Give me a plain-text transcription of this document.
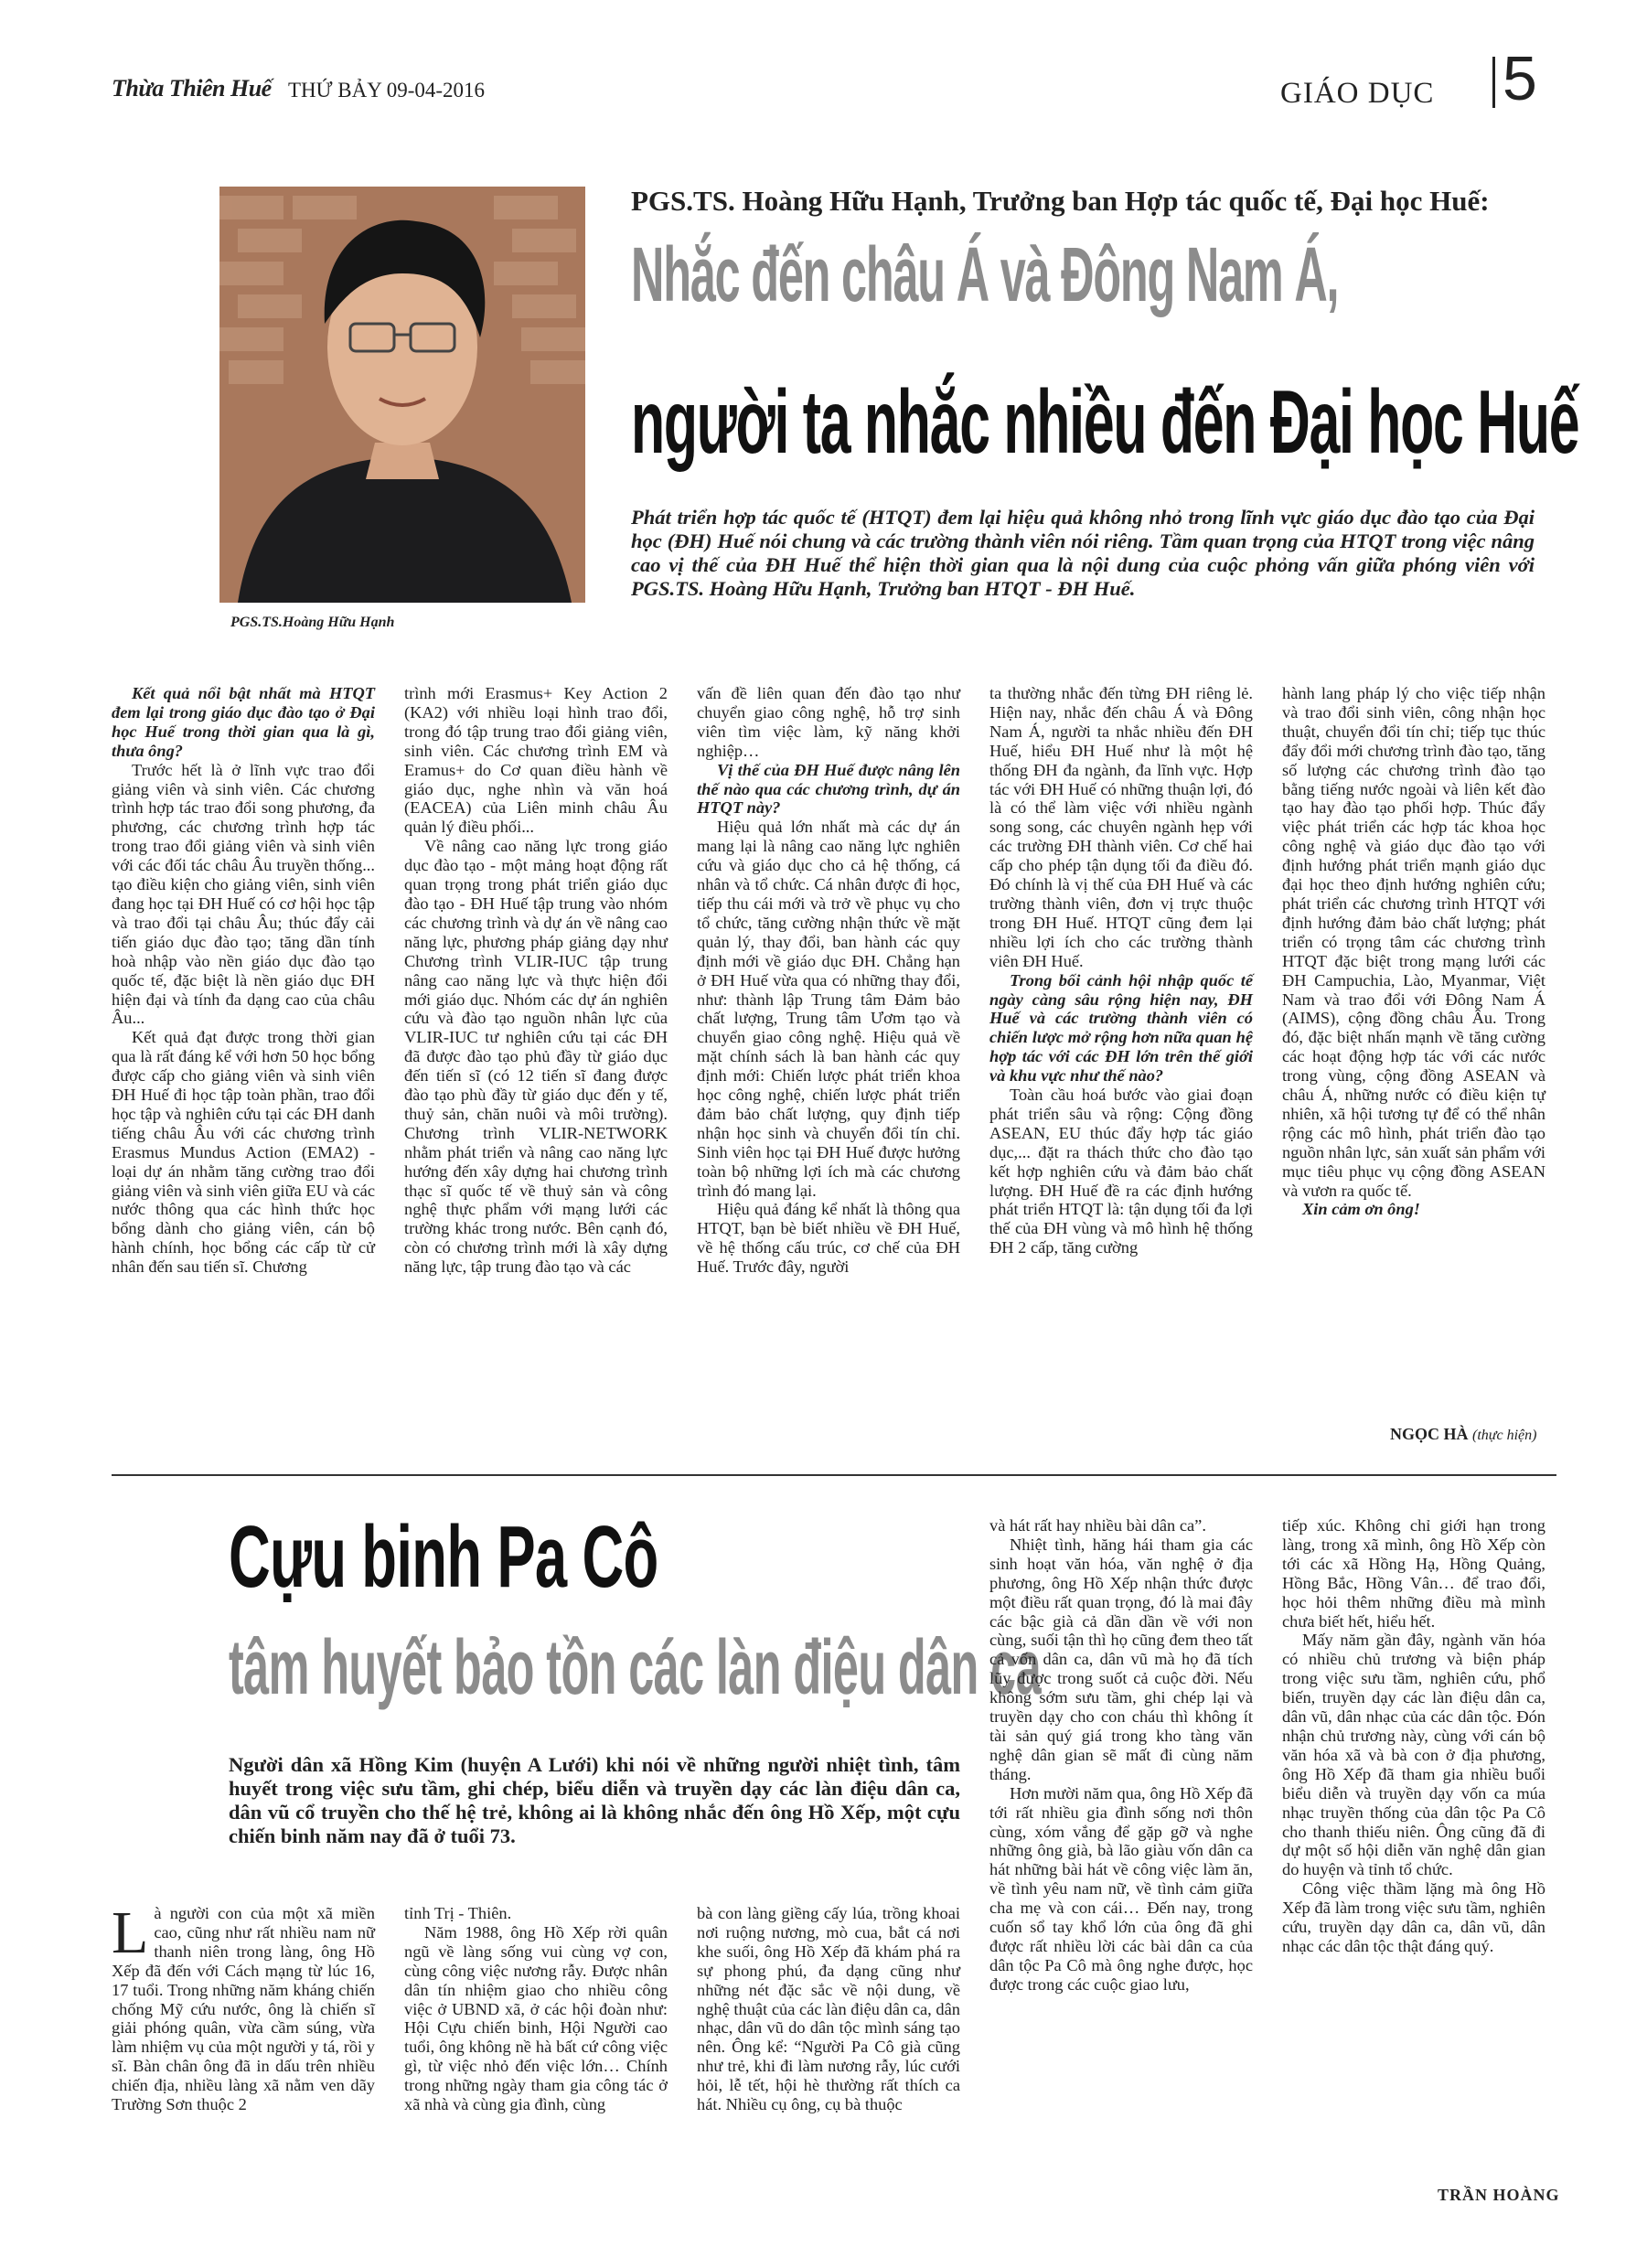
Thừa Thiên Huế THỨ BẢY 09-04-2016	GIÁO DỤC 5
PGS.TS.Hoàng Hữu Hạnh
PGS.TS. Hoàng Hữu Hạnh, Trưởng ban Hợp tác quốc tế, Đại học Huế:
Nhắc đến châu Á và Đông Nam Á,
người ta nhắc nhiều đến Đại học Huế
Phát triển hợp tác quốc tế (HTQT) đem lại hiệu quả không nhỏ trong lĩnh vực giáo dục đào tạo của Đại học (ĐH) Huế nói chung và các trường thành viên nói riêng. Tầm quan trọng của HTQT trong việc nâng cao vị thế của ĐH Huế thể hiện thời gian qua là nội dung của cuộc phỏng vấn giữa phóng viên với PGS.TS. Hoàng Hữu Hạnh, Trưởng ban HTQT - ĐH Huế.

Kết quả nổi bật nhất mà HTQT đem lại trong giáo dục đào tạo ở Đại học Huế trong thời gian qua là gì, thưa ông?

Trước hết là ở lĩnh vực trao đổi giảng viên và sinh viên. Các chương trình hợp tác trao đổi song phương, đa phương, các chương trình hợp tác trong trao đổi giảng viên và sinh viên với các đối tác châu Âu truyền thống... tạo điều kiện cho giảng viên, sinh viên đang học tại ĐH Huế có cơ hội học tập và trao đổi tại châu Âu; thúc đẩy cải tiến giáo dục đào tạo; tăng dần tính hoà nhập vào nền giáo dục đào tạo quốc tế, đặc biệt là nền giáo dục ĐH hiện đại và tính đa dạng cao của châu Âu...

Kết quả đạt được trong thời gian qua là rất đáng kể với hơn 50 học bổng được cấp cho giảng viên và sinh viên ĐH Huế đi học tập toàn phần, trao đổi học tập và nghiên cứu tại các ĐH danh tiếng châu Âu với các chương trình Erasmus Mundus Action (EMA2) - loại dự án nhằm tăng cường trao đổi giảng viên và sinh viên giữa EU và các nước thông qua các hình thức học bổng dành cho giảng viên, cán bộ hành chính, học bổng các cấp từ cử nhân đến sau tiến sĩ. Chương

trình mới Erasmus+ Key Action 2 (KA2) với nhiều loại hình trao đổi, trong đó tập trung trao đổi giảng viên, sinh viên. Các chương trình EM và Eramus+ do Cơ quan điều hành về giáo dục, nghe nhìn và văn hoá (EACEA) của Liên minh châu Âu quản lý điều phối...

Về nâng cao năng lực trong giáo dục đào tạo - một mảng hoạt động rất quan trọng trong phát triển giáo dục đào tạo - ĐH Huế tập trung vào nhóm các chương trình và dự án về nâng cao năng lực, phương pháp giảng dạy như Chương trình VLIR-IUC tập trung nâng cao năng lực và thực hiện đổi mới giáo dục. Nhóm các dự án nghiên cứu và đào tạo nguồn nhân lực của VLIR-IUC tư nghiên cứu tại các ĐH đã được đào tạo phủ đầy từ giáo dục đến tiến sĩ (có 12 tiến sĩ đang được đào tạo phù đầy từ giáo dục đến y tế, thuỷ sản, chăn nuôi và môi trường). Chương trình VLIR-NETWORK nhằm phát triển và nâng cao năng lực hướng đến xây dựng hai chương trình thạc sĩ quốc tế về thuỷ sản và công nghệ thực phẩm với mạng lưới các trường khác trong nước. Bên cạnh đó, còn có chương trình mới là xây dựng năng lực, tập trung đào tạo và các

vấn đề liên quan đến đào tạo như chuyển giao công nghệ, hỗ trợ sinh viên tìm việc làm, kỹ năng khởi nghiệp…

Vị thế của ĐH Huế được nâng lên thế nào qua các chương trình, dự án HTQT này?

Hiệu quả lớn nhất mà các dự án mang lại là nâng cao năng lực nghiên cứu và giáo dục cho cả hệ thống, cá nhân và tổ chức. Cá nhân được đi học, tiếp thu cái mới và trở về phục vụ cho tổ chức, tăng cường nhận thức về mặt quản lý, thay đổi, ban hành các quy định mới về giáo dục ĐH. Chẳng hạn ở ĐH Huế vừa qua có những thay đổi, như: thành lập Trung tâm Đảm bảo chất lượng, Trung tâm Ươm tạo và chuyển giao công nghệ. Hiệu quả về mặt chính sách là ban hành các quy định mới: Chiến lược phát triển khoa học công nghệ, chiến lược phát triển đảm bảo chất lượng, quy định tiếp nhận học sinh và chuyển đổi tín chỉ. Sinh viên học tại ĐH Huế được hưởng toàn bộ những lợi ích mà các chương trình đó mang lại.

Hiệu quả đáng kể nhất là thông qua HTQT, bạn bè biết nhiều về ĐH Huế, về hệ thống cấu trúc, cơ chế của ĐH Huế. Trước đây, người

ta thường nhắc đến từng ĐH riêng lẻ. Hiện nay, nhắc đến châu Á và Đông Nam Á, người ta nhắc nhiều đến ĐH Huế, hiểu ĐH Huế như là một hệ thống ĐH đa ngành, đa lĩnh vực. Hợp tác với ĐH Huế có những thuận lợi, đó là có thể làm việc với nhiều ngành song song, các chuyên ngành hẹp với các trường ĐH thành viên. Cơ chế hai cấp cho phép tận dụng tối đa điều đó. Đó chính là vị thế của ĐH Huế và các trường thành viên, đơn vị trực thuộc trong ĐH Huế. HTQT cũng đem lại nhiều lợi ích cho các trường thành viên ĐH Huế.

Trong bối cảnh hội nhập quốc tế ngày càng sâu rộng hiện nay, ĐH Huế và các trường thành viên có chiến lược mở rộng hơn nữa quan hệ hợp tác với các ĐH lớn trên thế giới và khu vực như thế nào?

Toàn cầu hoá bước vào giai đoạn phát triển sâu và rộng: Cộng đồng ASEAN, EU thúc đẩy hợp tác giáo dục,... đặt ra thách thức cho đào tạo kết hợp nghiên cứu và đảm bảo chất lượng. ĐH Huế đề ra các định hướng phát triển HTQT là: tận dụng tối đa lợi thế của ĐH vùng và mô hình hệ thống ĐH 2 cấp, tăng cường

hành lang pháp lý cho việc tiếp nhận và trao đổi sinh viên, công nhận học thuật, chuyển đổi tín chỉ; tiếp tục thúc đẩy đổi mới chương trình đào tạo, tăng số lượng các chương trình đào tạo bằng tiếng nước ngoài và liên kết đào tạo hay đào tạo phối hợp. Thúc đẩy việc phát triển các hợp tác khoa học công nghệ và giáo dục đào tạo với định hướng phát triển mạnh giáo dục đại học theo định hướng nghiên cứu; phát triển các chương trình HTQT với định hướng đảm bảo chất lượng; phát triển có trọng tâm các chương trình HTQT đặc biệt trong mạng lưới các ĐH Campuchia, Lào, Myanmar, Việt Nam và trao đổi với Đông Nam Á (AIMS), cộng đồng châu Âu. Trong đó, đặc biệt nhấn mạnh về tăng cường các hoạt động hợp tác với các nước trong vùng, cộng đồng ASEAN và châu Á, những nước có điều kiện tự nhiên, xã hội tương tự để có thể nhân rộng các mô hình, phát triển đào tạo nguồn nhân lực, sản xuất sản phẩm với mục tiêu phục vụ cộng đồng ASEAN và vươn ra quốc tế.

Xin cảm ơn ông!

NGỌC HÀ (thực hiện)
Cựu binh Pa Cô
tâm huyết bảo tồn các làn điệu dân ca
Người dân xã Hồng Kim (huyện A Lưới) khi nói về những người nhiệt tình, tâm huyết trong việc sưu tầm, ghi chép, biểu diễn và truyền dạy các làn điệu dân ca, dân vũ cổ truyền cho thế hệ trẻ, không ai là không nhắc đến ông Hồ Xếp, một cựu chiến binh năm nay đã ở tuổi 73.

Là người con của một xã miền cao, cũng như rất nhiều nam nữ thanh niên trong làng, ông Hồ Xếp đã đến với Cách mạng từ lúc 16, 17 tuổi. Trong những năm kháng chiến chống Mỹ cứu nước, ông là chiến sĩ giải phóng quân, vừa cầm súng, vừa làm nhiệm vụ của một người y tá, rồi y sĩ. Bàn chân ông đã in dấu trên nhiều chiến địa, nhiều làng xã nằm ven dãy Trường Sơn thuộc 2

tỉnh Trị - Thiên.

Năm 1988, ông Hồ Xếp rời quân ngũ về làng sống vui cùng vợ con, cùng công việc nương rẫy. Được nhân dân tín nhiệm giao cho nhiều công việc ở UBND xã, ở các hội đoàn như: Hội Cựu chiến binh, Hội Người cao tuổi, ông không nề hà bất cứ công việc gì, từ việc nhỏ đến việc lớn… Chính trong những ngày tham gia công tác ở xã nhà và cùng gia đình, cùng

bà con làng giềng cấy lúa, trồng khoai nơi ruộng nương, mò cua, bắt cá nơi khe suối, ông Hồ Xếp đã khám phá ra sự phong phú, đa dạng cũng như những nét đặc sắc về nội dung, về nghệ thuật của các làn điệu dân ca, dân nhạc, dân vũ do dân tộc mình sáng tạo nên. Ông kể: “Người Pa Cô già cũng như trẻ, khi đi làm nương rẫy, lúc cưới hỏi, lễ tết, hội hè thường rất thích ca hát. Nhiều cụ ông, cụ bà thuộc

và hát rất hay nhiều bài dân ca”.

Nhiệt tình, hăng hái tham gia các sinh hoạt văn hóa, văn nghệ ở địa phương, ông Hồ Xếp nhận thức được một điều rất quan trọng, đó là mai đây các bậc già cả dần dần về với non cùng, suối tận thì họ cũng đem theo tất cả vốn dân ca, dân vũ mà họ đã tích lũy được trong suốt cả cuộc đời. Nếu không sớm sưu tầm, ghi chép lại và truyền dạy cho con cháu thì không ít tài sản quý giá trong kho tàng văn nghệ dân gian sẽ mất đi cùng năm tháng.

Hơn mười năm qua, ông Hồ Xếp đã tới rất nhiều gia đình sống nơi thôn cùng, xóm vắng để gặp gỡ và nghe những ông già, bà lão giàu vốn dân ca hát những bài hát về công việc làm ăn, về tình yêu nam nữ, về tình cảm giữa cha mẹ và con cái… Đến nay, trong cuốn sổ tay khổ lớn của ông đã ghi được rất nhiều lời các bài dân ca của dân tộc Pa Cô mà ông nghe được, học được trong các cuộc giao lưu,

tiếp xúc. Không chỉ giới hạn trong làng, trong xã mình, ông Hồ Xếp còn tới các xã Hồng Hạ, Hồng Quảng, Hồng Bắc, Hồng Vân… để trao đổi, học hỏi thêm những điều mà mình chưa biết hết, hiểu hết.

Mấy năm gần đây, ngành văn hóa có nhiều chủ trương và biện pháp trong việc sưu tầm, nghiên cứu, phổ biến, truyền dạy các làn điệu dân ca, dân vũ, dân nhạc của các dân tộc. Đón nhận chủ trương này, cùng với cán bộ văn hóa xã và bà con ở địa phương, ông Hồ Xếp đã tham gia nhiều buổi biểu diễn và truyền dạy vốn ca múa nhạc truyền thống của dân tộc Pa Cô cho thanh thiếu niên. Ông cũng đã đi dự một số hội diễn văn nghệ dân gian do huyện và tỉnh tổ chức.

Công việc thầm lặng mà ông Hồ Xếp đã làm trong việc sưu tầm, nghiên cứu, truyền dạy dân ca, dân vũ, dân nhạc các dân tộc thật đáng quý.

TRẦN HOÀNG
